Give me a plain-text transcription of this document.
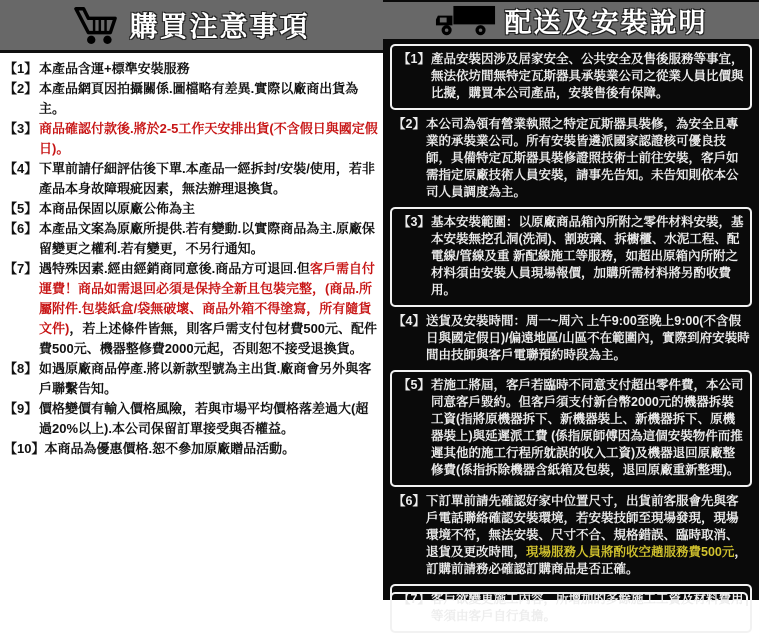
購買注意事項
【1】 本產品含運+標準安裝服務
【2】 本產品網頁因拍攝關係.圖檔略有差異.實際以廠商出貨為主。
【3】 商品確認付款後.將於2-5工作天安排出貨(不含假日與國定假日)。
【4】 下單前請仔細評估後下單.本產品一經拆封/安裝/使用，若非產品本身故障瑕疵因素，無法辦理退換貨。
【5】 本商品保固以原廠公佈為主
【6】 本產品文案為原廠所提供.若有變動.以實際商品為主.原廠保留變更之權利.若有變更，不另行通知。
【7】 遇特殊因素.經由經銷商同意後.商品方可退回.但客戶需自付運費！商品如需退回必須是保持全新且包裝完整，(商品.所屬附件.包裝紙盒/袋無破壞、商品外箱不得塗寫，所有隨貨文件)，若上述條件皆無，則客戶需支付包材費500元、配件費500元、機器整修費2000元起，否則恕不接受退換貨。
【8】 如遇原廠商品停產.將以新款型號為主出貨.廠商會另外與客戶聯繫告知。
【9】 價格變價有輸入價格風險，若與市場平均價格落差過大(超過20%以上).本公司保留訂單接受與否權益。
【10】 本商品為優惠價格.恕不參加原廠贈品活動。
配送及安裝說明
【1】 產品安裝因涉及居家安全、公共安全及售後服務等事宜，無法依坊間無特定瓦斯器具承裝業公司之從業人員比價與比擬，購買本公司產品，安裝售後有保障。
【2】 本公司為領有營業執照之特定瓦斯器具裝修，為安全且專業的承裝業公司。所有安裝皆遴派國家認證核可優良技師，具備特定瓦斯器具裝修證照技術士前往安裝，客戶如需指定原廠技術人員安裝，請事先告知。未告知則依本公司人員調度為主。
【3】 基本安裝範圍：以原廠商品箱內所附之零件材料安裝，基本安裝無挖孔洞(洗洞)、割玻璃、拆櫥櫃、水泥工程、配電線/管線及重 新配線施工等服務，如超出原箱內所附之材料須由安裝人員現場報價，加購所需材料將另酌收費用。
【4】 送貨及安裝時間：周一~周六 上午9:00至晚上9:00(不含假日與國定假日)/偏遠地區/山區不在範圍內，實際到府安裝時間由技師與客戶電聯預約時段為主。
【5】 若施工將屆，客戶若臨時不同意支付超出零件費，本公司同意客戶毀約。但客戶須支付新台幣2000元的機器拆裝工資(指將原機器拆下、新機器裝上、新機器拆下、原機器裝上)與延遲派工費 (係指原師傅因為這個安裝物件而推遲其他的施工行程所躭誤的收入工資)及機器退回原廠整修費(係指拆除機器含紙箱及包裝，退回原廠重新整理)。
【6】 下訂單前請先確認好家中位置尺寸，出貨前客服會先與客戶電話聯絡確認安裝環境，若安裝技師至現場發現，現場環境不符，無法安裝、尺寸不合、規格錯誤、臨時取消、退貨及更改時間，現場服務人員將酌收空趟服務費500元，訂購前請務必確認訂購商品是否正確。
【7】 客戶欲變更施工內容，所增加的多餘施工工資及材料費用等須由客戶自行負擔。
